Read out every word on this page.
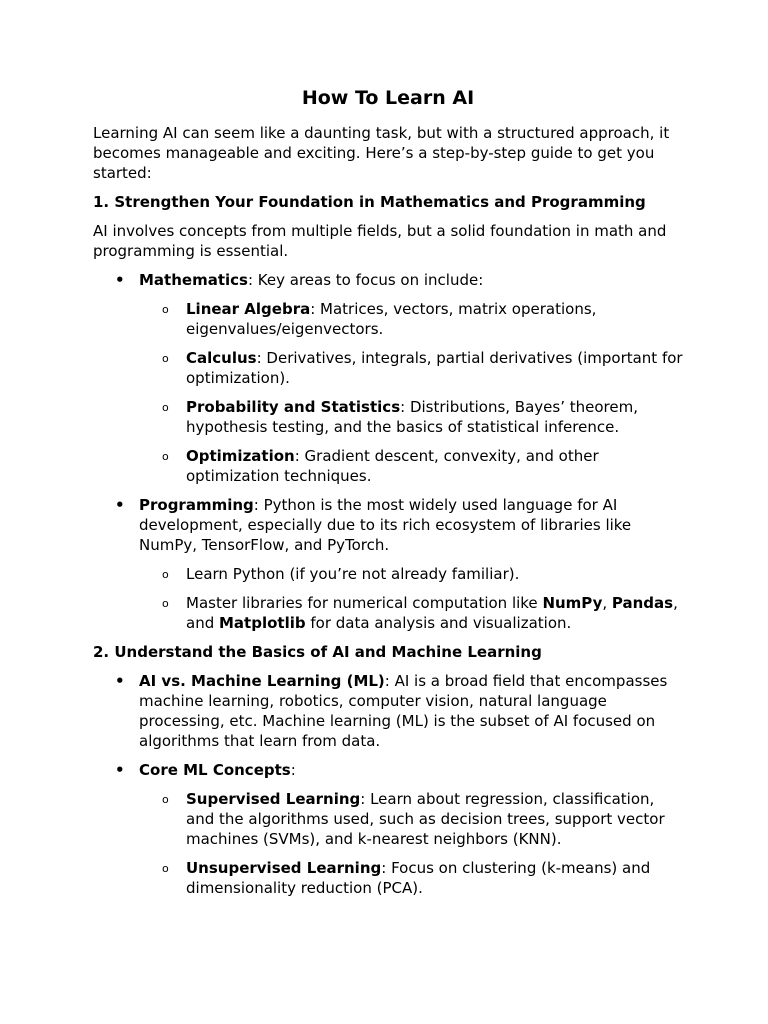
How To Learn AI

Learning AI can seem like a daunting task, but with a structured approach, it becomes manageable and exciting. Here’s a step-by-step guide to get you started:

1. Strengthen Your Foundation in Mathematics and Programming

AI involves concepts from multiple fields, but a solid foundation in math and programming is essential.

• Mathematics: Key areas to focus on include:
o Linear Algebra: Matrices, vectors, matrix operations, eigenvalues/eigenvectors.
o Calculus: Derivatives, integrals, partial derivatives (important for optimization).
o Probability and Statistics: Distributions, Bayes’ theorem, hypothesis testing, and the basics of statistical inference.
o Optimization: Gradient descent, convexity, and other optimization techniques.
• Programming: Python is the most widely used language for AI development, especially due to its rich ecosystem of libraries like NumPy, TensorFlow, and PyTorch.
o Learn Python (if you’re not already familiar).
o Master libraries for numerical computation like NumPy, Pandas, and Matplotlib for data analysis and visualization.
2. Understand the Basics of AI and Machine Learning
• AI vs. Machine Learning (ML): AI is a broad field that encompasses machine learning, robotics, computer vision, natural language processing, etc. Machine learning (ML) is the subset of AI focused on algorithms that learn from data.
• Core ML Concepts:
o Supervised Learning: Learn about regression, classification, and the algorithms used, such as decision trees, support vector machines (SVMs), and k-nearest neighbors (KNN).
o Unsupervised Learning: Focus on clustering (k-means) and dimensionality reduction (PCA).
